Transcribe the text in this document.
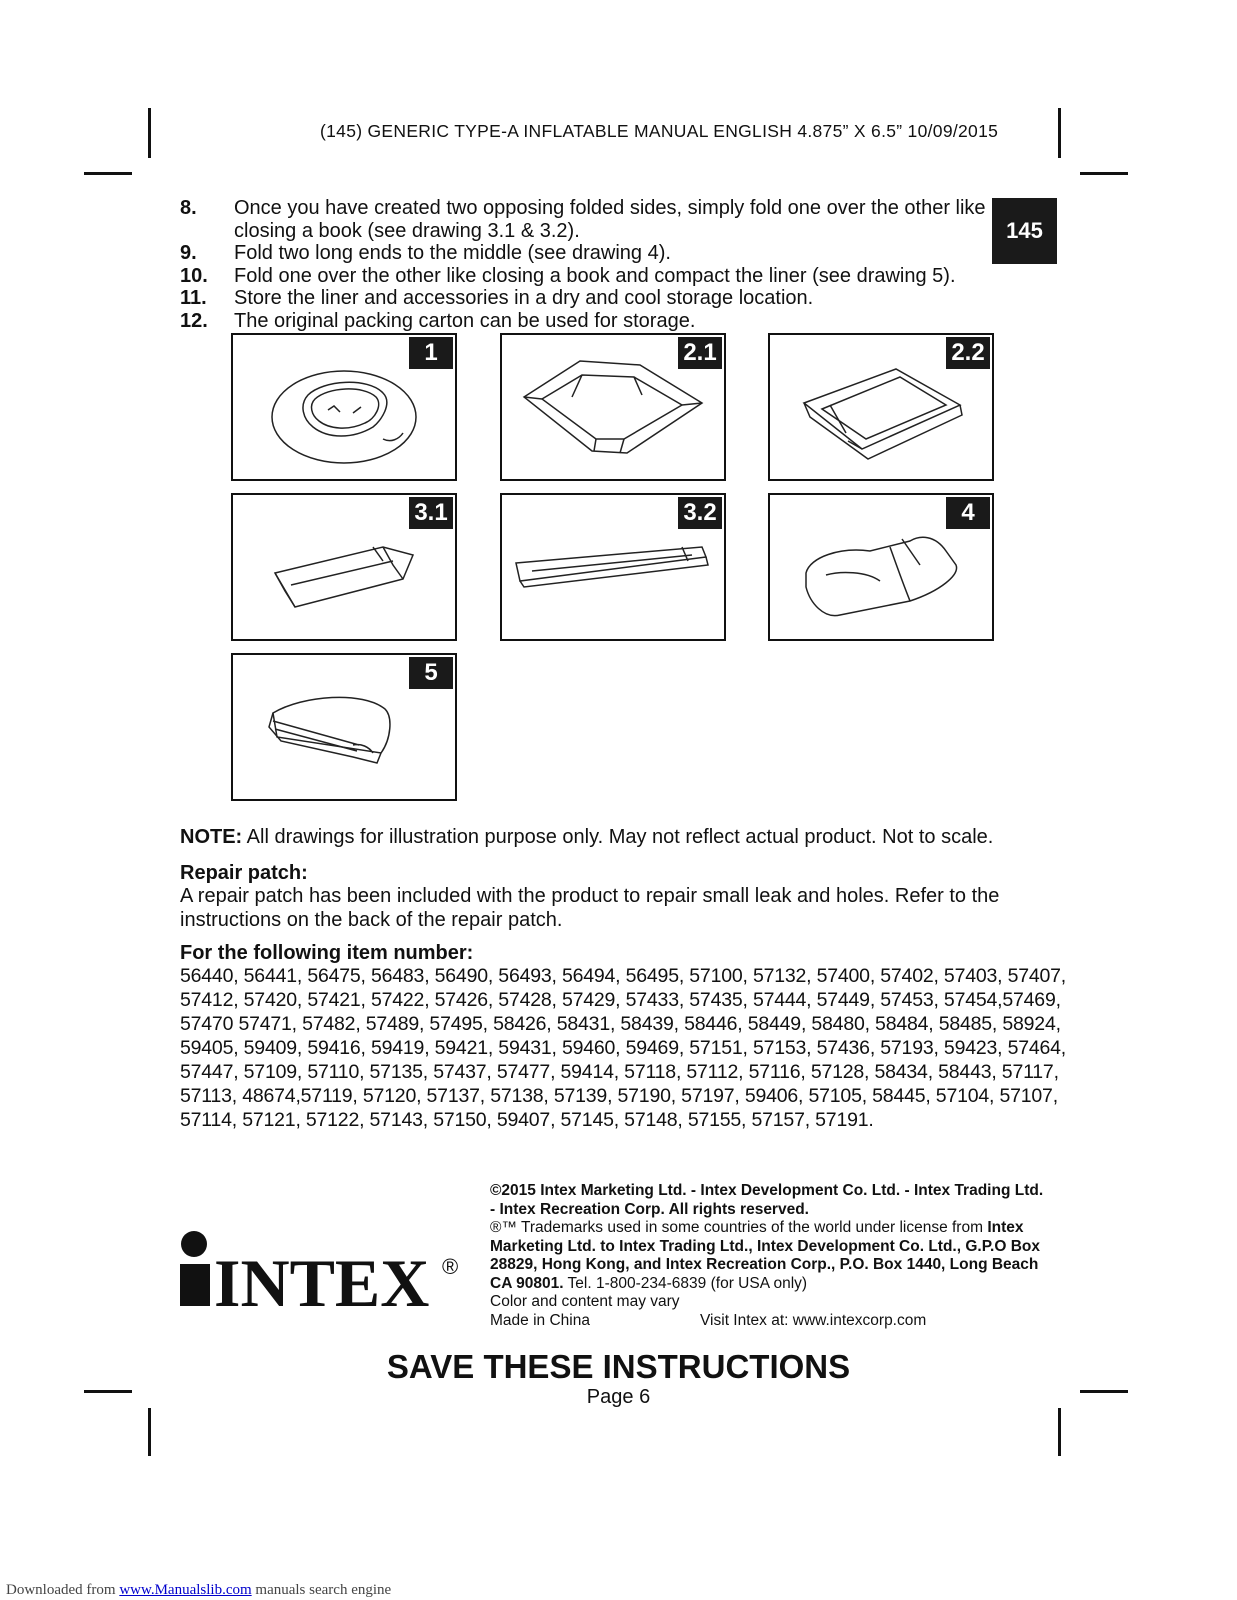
(145) GENERIC TYPE-A INFLATABLE MANUAL ENGLISH 4.875” X 6.5” 10/09/2015
145
8.	Once you have created two opposing folded sides, simply fold one over the other like closing a book (see drawing 3.1 & 3.2).
9.	Fold two long ends to the middle (see drawing 4).
10.	Fold one over the other like closing a book and compact the liner (see drawing 5).
11.	Store the liner and accessories in a dry and cool storage location.
12.	The original packing carton can be used for storage.
1	2.1	2.2
3.1	3.2	4
5
NOTE: All drawings for illustration purpose only. May not reflect actual product. Not to scale.
Repair patch:
A repair patch has been included with the product to repair small leak and holes. Refer to the instructions on the back of the repair patch.
For the following item number:
56440, 56441, 56475, 56483, 56490, 56493, 56494, 56495, 57100, 57132, 57400, 57402, 57403, 57407,
57412, 57420, 57421, 57422, 57426, 57428, 57429, 57433, 57435, 57444, 57449, 57453, 57454,57469,
57470 57471, 57482, 57489, 57495, 58426, 58431, 58439, 58446, 58449, 58480, 58484, 58485, 58924,
59405, 59409, 59416, 59419, 59421, 59431, 59460, 59469, 57151, 57153, 57436, 57193, 59423, 57464,
57447, 57109, 57110, 57135, 57437, 57477, 59414, 57118, 57112, 57116, 57128, 58434, 58443, 57117,
57113, 48674,57119, 57120, 57137, 57138, 57139, 57190, 57197, 59406, 57105, 58445, 57104, 57107,
57114, 57121, 57122, 57143, 57150, 59407, 57145, 57148, 57155, 57157, 57191.
INTEX ®
©2015 Intex Marketing Ltd. - Intex Development Co. Ltd. - Intex Trading Ltd. - Intex Recreation Corp. All rights reserved.
®™ Trademarks used in some countries of the world under license from Intex Marketing Ltd. to Intex Trading Ltd., Intex Development Co. Ltd., G.P.O Box 28829, Hong Kong, and Intex Recreation Corp., P.O. Box 1440, Long Beach CA 90801. Tel. 1-800-234-6839 (for USA only)
Color and content may vary
Made in China	Visit Intex at: www.intexcorp.com
SAVE THESE INSTRUCTIONS
Page 6
Downloaded from www.Manualslib.com manuals search engine
